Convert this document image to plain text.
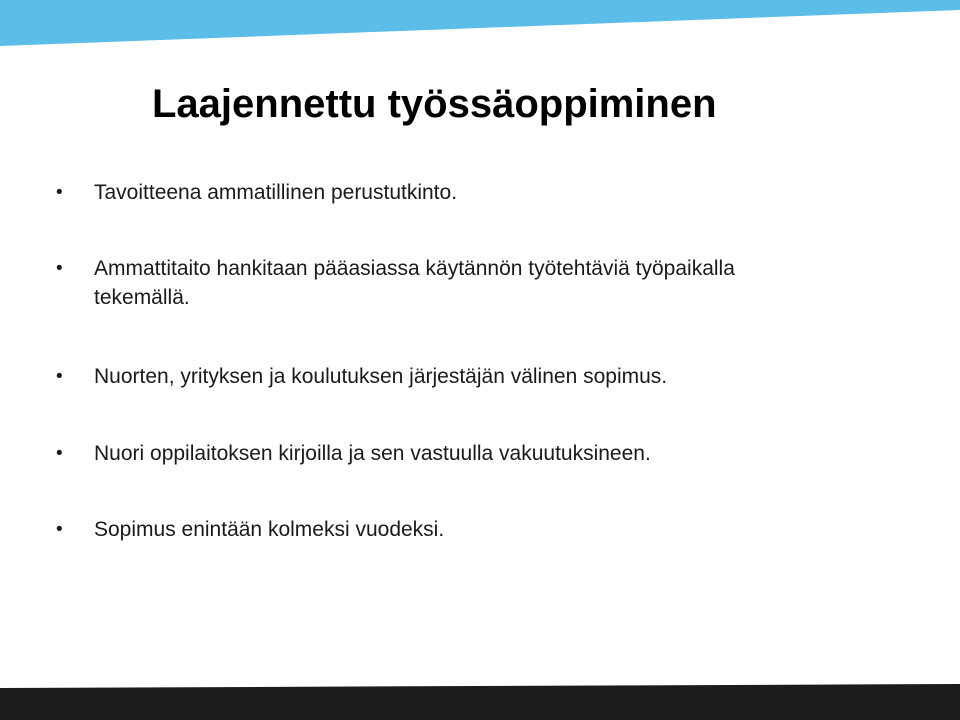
Laajennettu työssäoppiminen
• Tavoitteena ammatillinen perustutkinto.
• Ammattitaito hankitaan pääasiassa käytännön työtehtäviä työpaikalla tekemällä.
• Nuorten, yrityksen ja koulutuksen järjestäjän välinen sopimus.
• Nuori oppilaitoksen kirjoilla ja sen vastuulla vakuutuksineen.
• Sopimus enintään kolmeksi vuodeksi.
